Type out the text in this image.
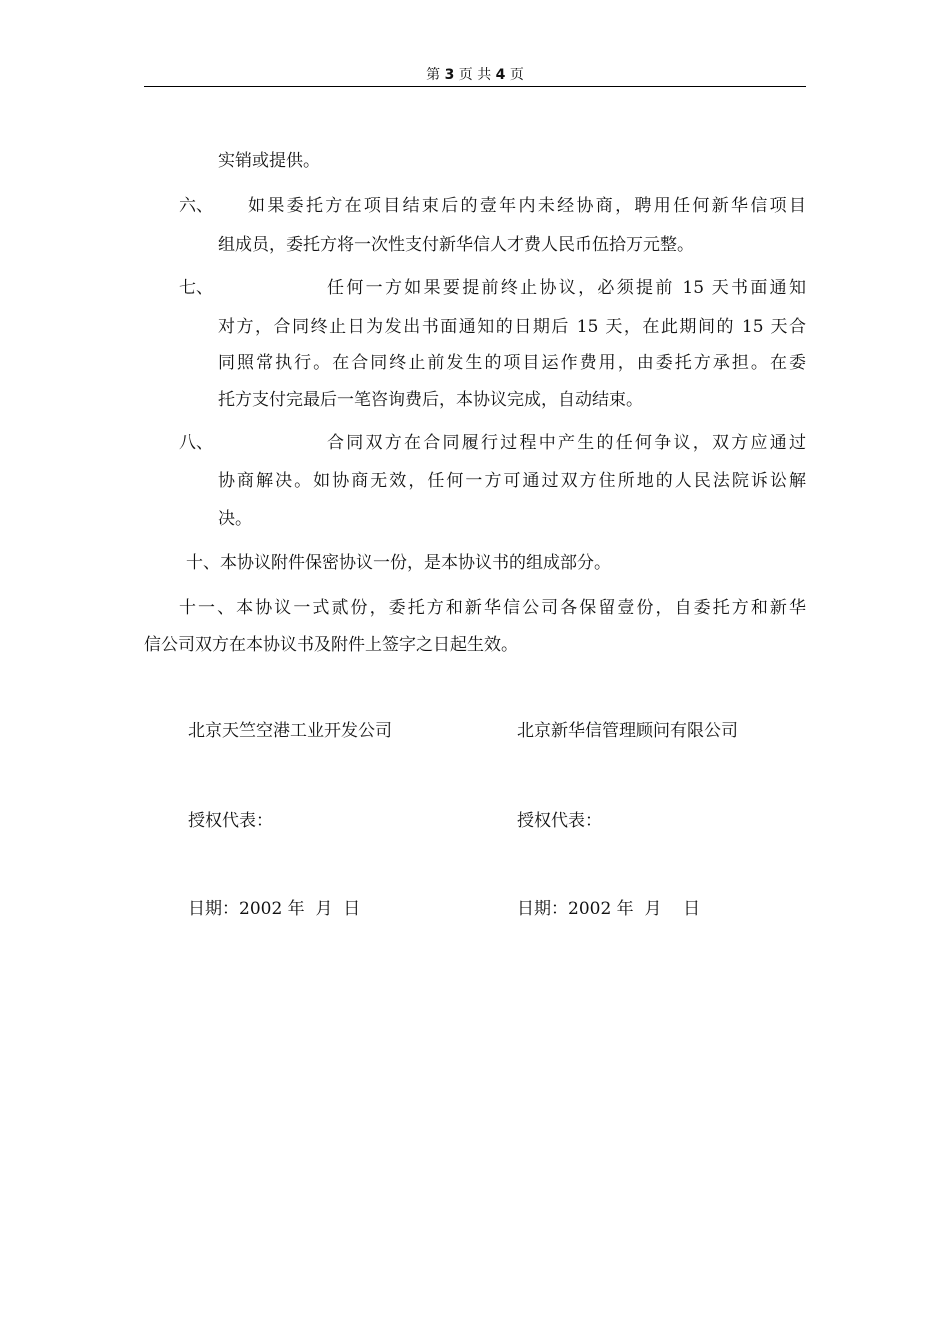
第 3 页 共 4 页
实销或提供。
六、 如果委托方在项目结束后的壹年内未经协商，聘用任何新华信项目
组成员，委托方将一次性支付新华信人才费人民币伍拾万元整。
七、	任何一方如果要提前终止协议，必须提前 15 天书面通知
对方，合同终止日为发出书面通知的日期后 15 天，在此期间的 15 天合
同照常执行。在合同终止前发生的项目运作费用，由委托方承担。在委
托方支付完最后一笔咨询费后，本协议完成，自动结束。
八、	合同双方在合同履行过程中产生的任何争议，双方应通过
协商解决。如协商无效，任何一方可通过双方住所地的人民法院诉讼解
决。
十、本协议附件保密协议一份，是本协议书的组成部分。
十一、本协议一式贰份，委托方和新华信公司各保留壹份，自委托方和新华
信公司双方在本协议书及附件上签字之日起生效。
北京天竺空港工业开发公司	北京新华信管理顾问有限公司
授权代表：	授权代表：
日期：2002 年  月  日	日期：2002 年  月    日
